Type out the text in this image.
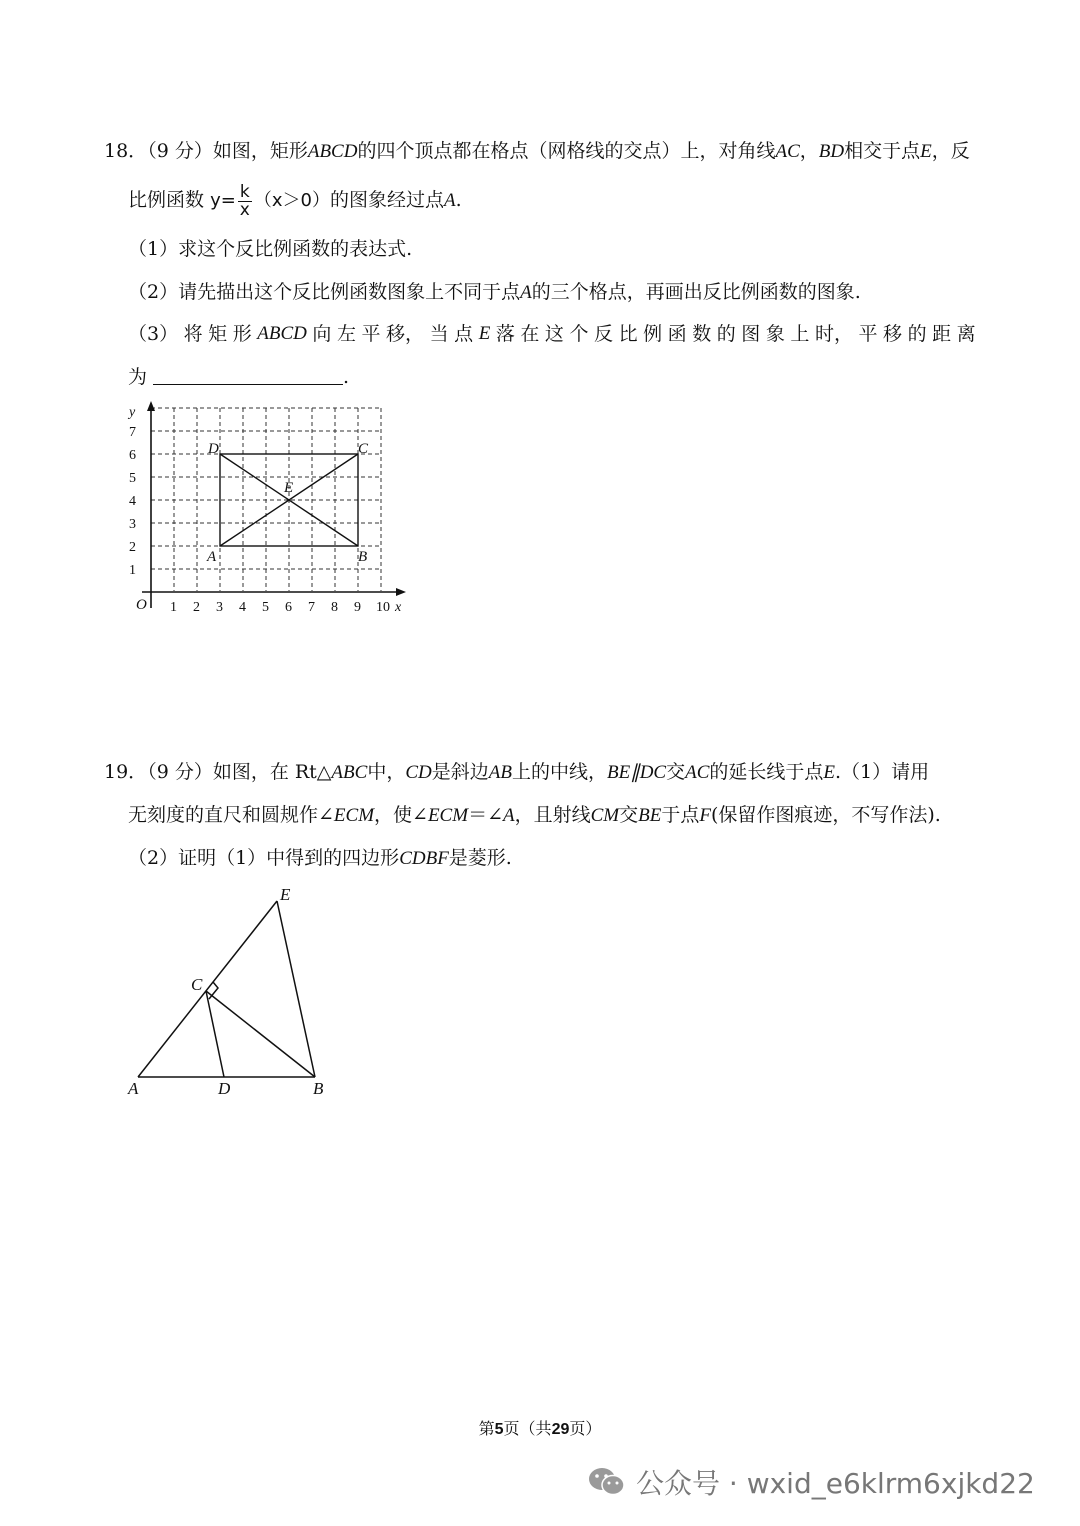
18．（9 分）如图，矩形ABCD的四个顶点都在格点（网格线的交点）上，对角线AC，BD相交于点E，反
比例函数 $y= \frac{k}{x} (x>0)$的图象经过点A.
（1）求这个反比例函数的表达式.
（2）请先描出这个反比例函数图象上不同于点A的三个格点，再画出反比例函数的图象.
（3） 将 矩 形 ABCD 向 左 平 移， 当 点 E 落 在 这 个 反 比 例 函 数 的 图 象 上 时， 平 移 的 距 离
为	.
y
O	x
1
2
3
4
5
6
7
1 2 3 4 5 6 7 8 9 10
A	B
C
D
E
19．（9 分）如图，在 Rt△ABC中，CD是斜边AB上的中线，BE∥DC交AC的延长线于点E.（1）请用
无刻度的直尺和圆规作∠ECM，使∠ECM＝∠A，且射线CM交BE于点F(保留作图痕迹，不写作法).
（2）证明（1）中得到的四边形CDBF是菱形.
A	B
C
D
E
第5页（共29页）
公众号 · wxid_e6klrm6xjkd22
